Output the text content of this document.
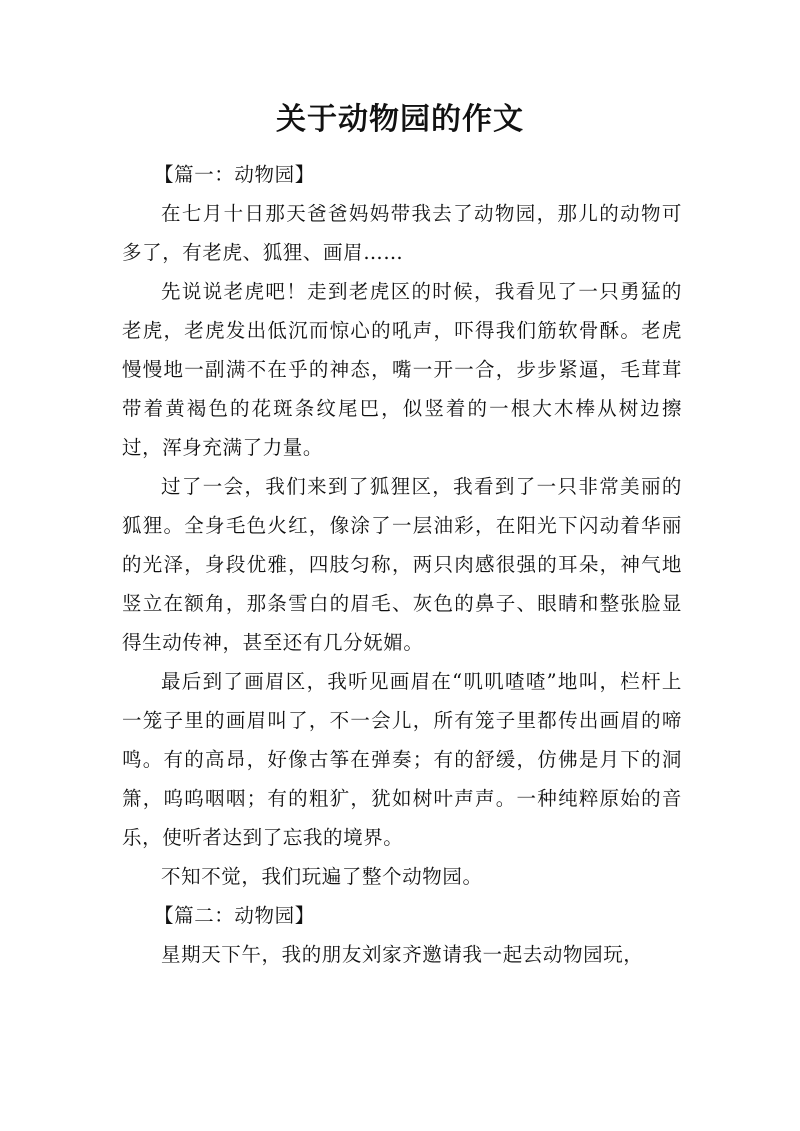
关于动物园的作文

【篇一：动物园】

在七月十日那天爸爸妈妈带我去了动物园，那儿的动物可多了，有老虎、狐狸、画眉……

先说说老虎吧！走到老虎区的时候，我看见了一只勇猛的老虎，老虎发出低沉而惊心的吼声，吓得我们筋软骨酥。老虎慢慢地一副满不在乎的神态，嘴一开一合，步步紧逼，毛茸茸带着黄褐色的花斑条纹尾巴，似竖着的一根大木棒从树边擦过，浑身充满了力量。

过了一会，我们来到了狐狸区，我看到了一只非常美丽的狐狸。全身毛色火红，像涂了一层油彩，在阳光下闪动着华丽的光泽，身段优雅，四肢匀称，两只肉感很强的耳朵，神气地竖立在额角，那条雪白的眉毛、灰色的鼻子、眼睛和整张脸显得生动传神，甚至还有几分妩媚。

最后到了画眉区，我听见画眉在“叽叽喳喳”地叫，栏杆上一笼子里的画眉叫了，不一会儿，所有笼子里都传出画眉的啼鸣。有的高昂，好像古筝在弹奏；有的舒缓，仿佛是月下的洞箫，呜呜咽咽；有的粗犷，犹如树叶声声。一种纯粹原始的音乐，使听者达到了忘我的境界。

不知不觉，我们玩遍了整个动物园。

【篇二：动物园】

星期天下午，我的朋友刘家齐邀请我一起去动物园玩，
